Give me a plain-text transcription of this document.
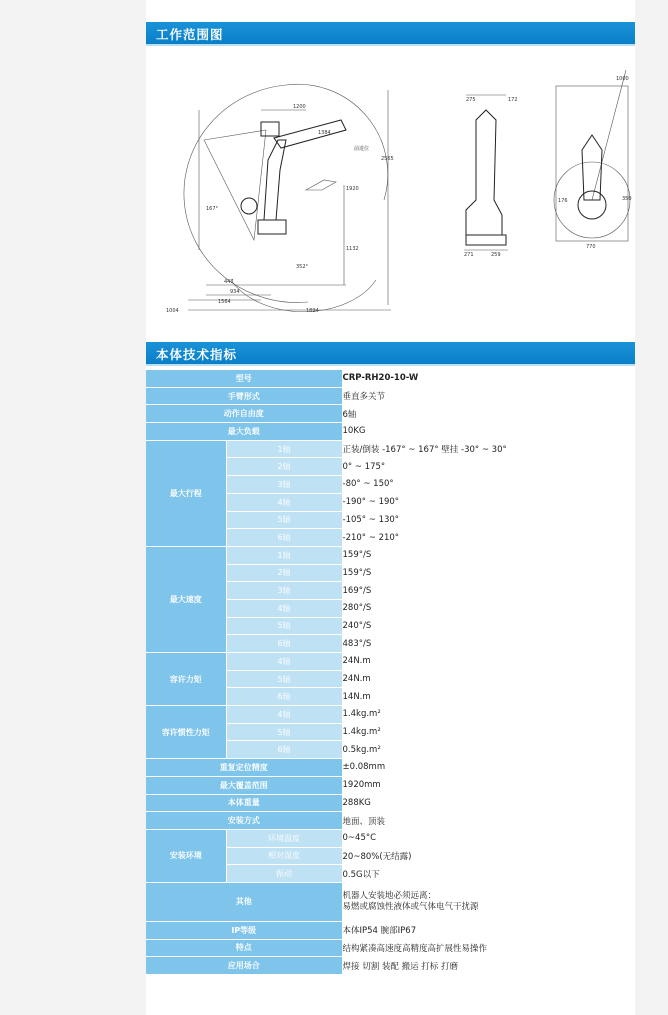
工作范围图
1004	1894
1564
934
447
1200
1384
352°
2565
1920
1132
167°
前进位
275	172
271	259
1000
176
770
350
本体技术指标
型号		CRP-RH20-10-W
手臂形式		垂直多关节
动作自由度		6轴
最大负载		10KG
最大行程	1轴	正装/倒装 -167° ~ 167° 壁挂 -30° ~ 30°
	2轴	0° ~ 175°
	3轴	-80° ~ 150°
	4轴	-190° ~ 190°
	5轴	-105° ~ 130°
	6轴	-210° ~ 210°
最大速度	1轴	159°/S
	2轴	159°/S
	3轴	169°/S
	4轴	280°/S
	5轴	240°/S
	6轴	483°/S
容许力矩	4轴	24N.m
	5轴	24N.m
	6轴	14N.m
容许惯性力矩	4轴	1.4kg.m²
	5轴	1.4kg.m²
	6轴	0.5kg.m²
重复定位精度		±0.08mm
最大覆盖范围		1920mm
本体重量		288KG
安装方式		地面、顶装
安装环境	环境温度	0~45°C
	相对湿度	20~80%(无结露)
	振动	0.5G以下
其他		机器人安装地必须远离：
易燃或腐蚀性液体或气体电气干扰源

IP等级		本体IP54 腕部IP67
特点		结构紧凑高速度高精度高扩展性易操作
应用场合		焊接 切割 装配 搬运 打标 打磨
